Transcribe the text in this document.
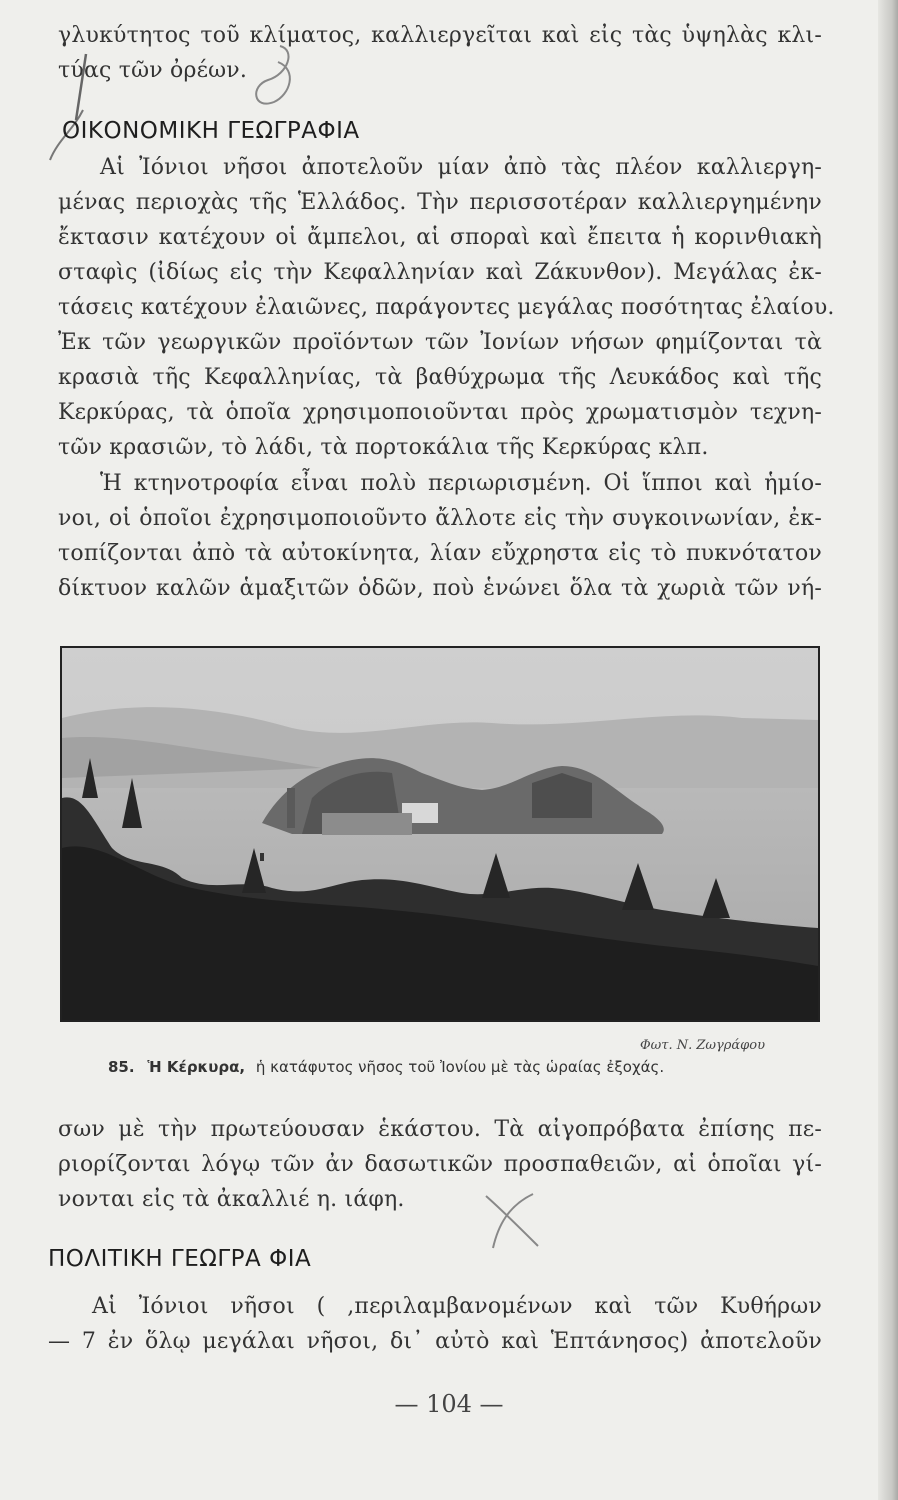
γλυκύτητος τοῦ κλίματος, καλλιεργεῖται καὶ εἰς τὰς ὑψηλὰς κλι-
τύας τῶν ὀρέων.
ΟΙΚΟΝΟΜΙΚΗ ΓΕΩΓΡΑΦΙΑ
Αἱ Ἰόνιοι νῆσοι ἀποτελοῦν μίαν ἀπὸ τὰς πλέον καλλιεργη-
μένας περιοχὰς τῆς Ἑλλάδος. Τὴν περισσοτέραν καλλιεργημένην
ἔκτασιν κατέχουν οἱ ἄμπελοι, αἱ σποραὶ καὶ ἔπειτα ἡ κορινθιακὴ
σταφὶς (ἰδίως εἰς τὴν Κεφαλληνίαν καὶ Ζάκυνθον). Μεγάλας ἐκ-
τάσεις κατέχουν ἐλαιῶνες, παράγοντες μεγάλας ποσότητας ἐλαίου.
Ἐκ τῶν γεωργικῶν προϊόντων τῶν Ἰονίων νήσων φημίζονται τὰ
κρασιὰ τῆς Κεφαλληνίας, τὰ βαθύχρωμα τῆς Λευκάδος καὶ τῆς
Κερκύρας, τὰ ὁποῖα χρησιμοποιοῦνται πρὸς χρωματισμὸν τεχνη-
τῶν κρασιῶν, τὸ λάδι, τὰ πορτοκάλια τῆς Κερκύρας κλπ.
Ἡ κτηνοτροφία εἶναι πολὺ περιωρισμένη. Οἱ ἵπποι καὶ ἡμίο-
νοι, οἱ ὁποῖοι ἐχρησιμοποιοῦντο ἄλλοτε εἰς τὴν συγκοινωνίαν, ἐκ-
τοπίζονται ἀπὸ τὰ αὐτοκίνητα, λίαν εὔχρηστα εἰς τὸ πυκνότατον
δίκτυον καλῶν ἁμαξιτῶν ὁδῶν, ποὺ ἑνώνει ὅλα τὰ χωριὰ τῶν νή-
Φωτ. Ν. Ζωγράφου
85. Ἡ Κέρκυρα, ἡ κατάφυτος νῆσος τοῦ Ἰονίου μὲ τὰς ὡραίας ἐξοχάς.
σων μὲ τὴν πρωτεύουσαν ἑκάστου. Τὰ αἰγοπρόβατα ἐπίσης πε-
ριορίζονται λόγῳ τῶν ἀν δασωτικῶν προσπαθειῶν, αἱ ὁποῖαι γί-
νονται εἰς τὰ ἀκαλλιέ η. ιάφη.
ΠΟΛΙΤΙΚΗ ΓΕΩΓΡΑ ΦΙΑ
Αἱ Ἰόνιοι νῆσοι ( ,περιλαμβανομένων καὶ τῶν Κυθήρων
— 7 ἐν ὅλῳ μεγάλαι νῆσοι, δι᾽ αὐτὸ καὶ Ἑπτάνησος) ἀποτελοῦν
— 104 —
